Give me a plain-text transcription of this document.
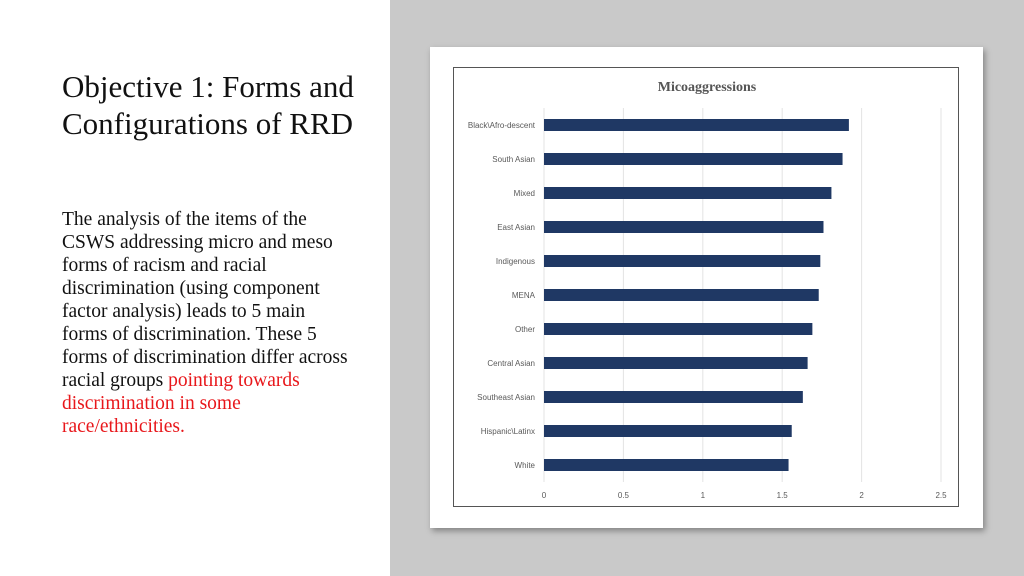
Objective 1: Forms and Configurations of RRD
The analysis of the items of the CSWS addressing micro and meso forms of racism and racial discrimination (using component factor analysis) leads to 5 main forms of discrimination. These 5 forms of discrimination differ across racial groups pointing towards discrimination in some race/ethnicities.
Micoaggressions
Black\Afro-descent
South Asian
Mixed
East Asian
Indigenous
MENA
Other
Central Asian
Southeast Asian
Hispanic\Latinx
White
0	0.5	1	1.5	2	2.5
